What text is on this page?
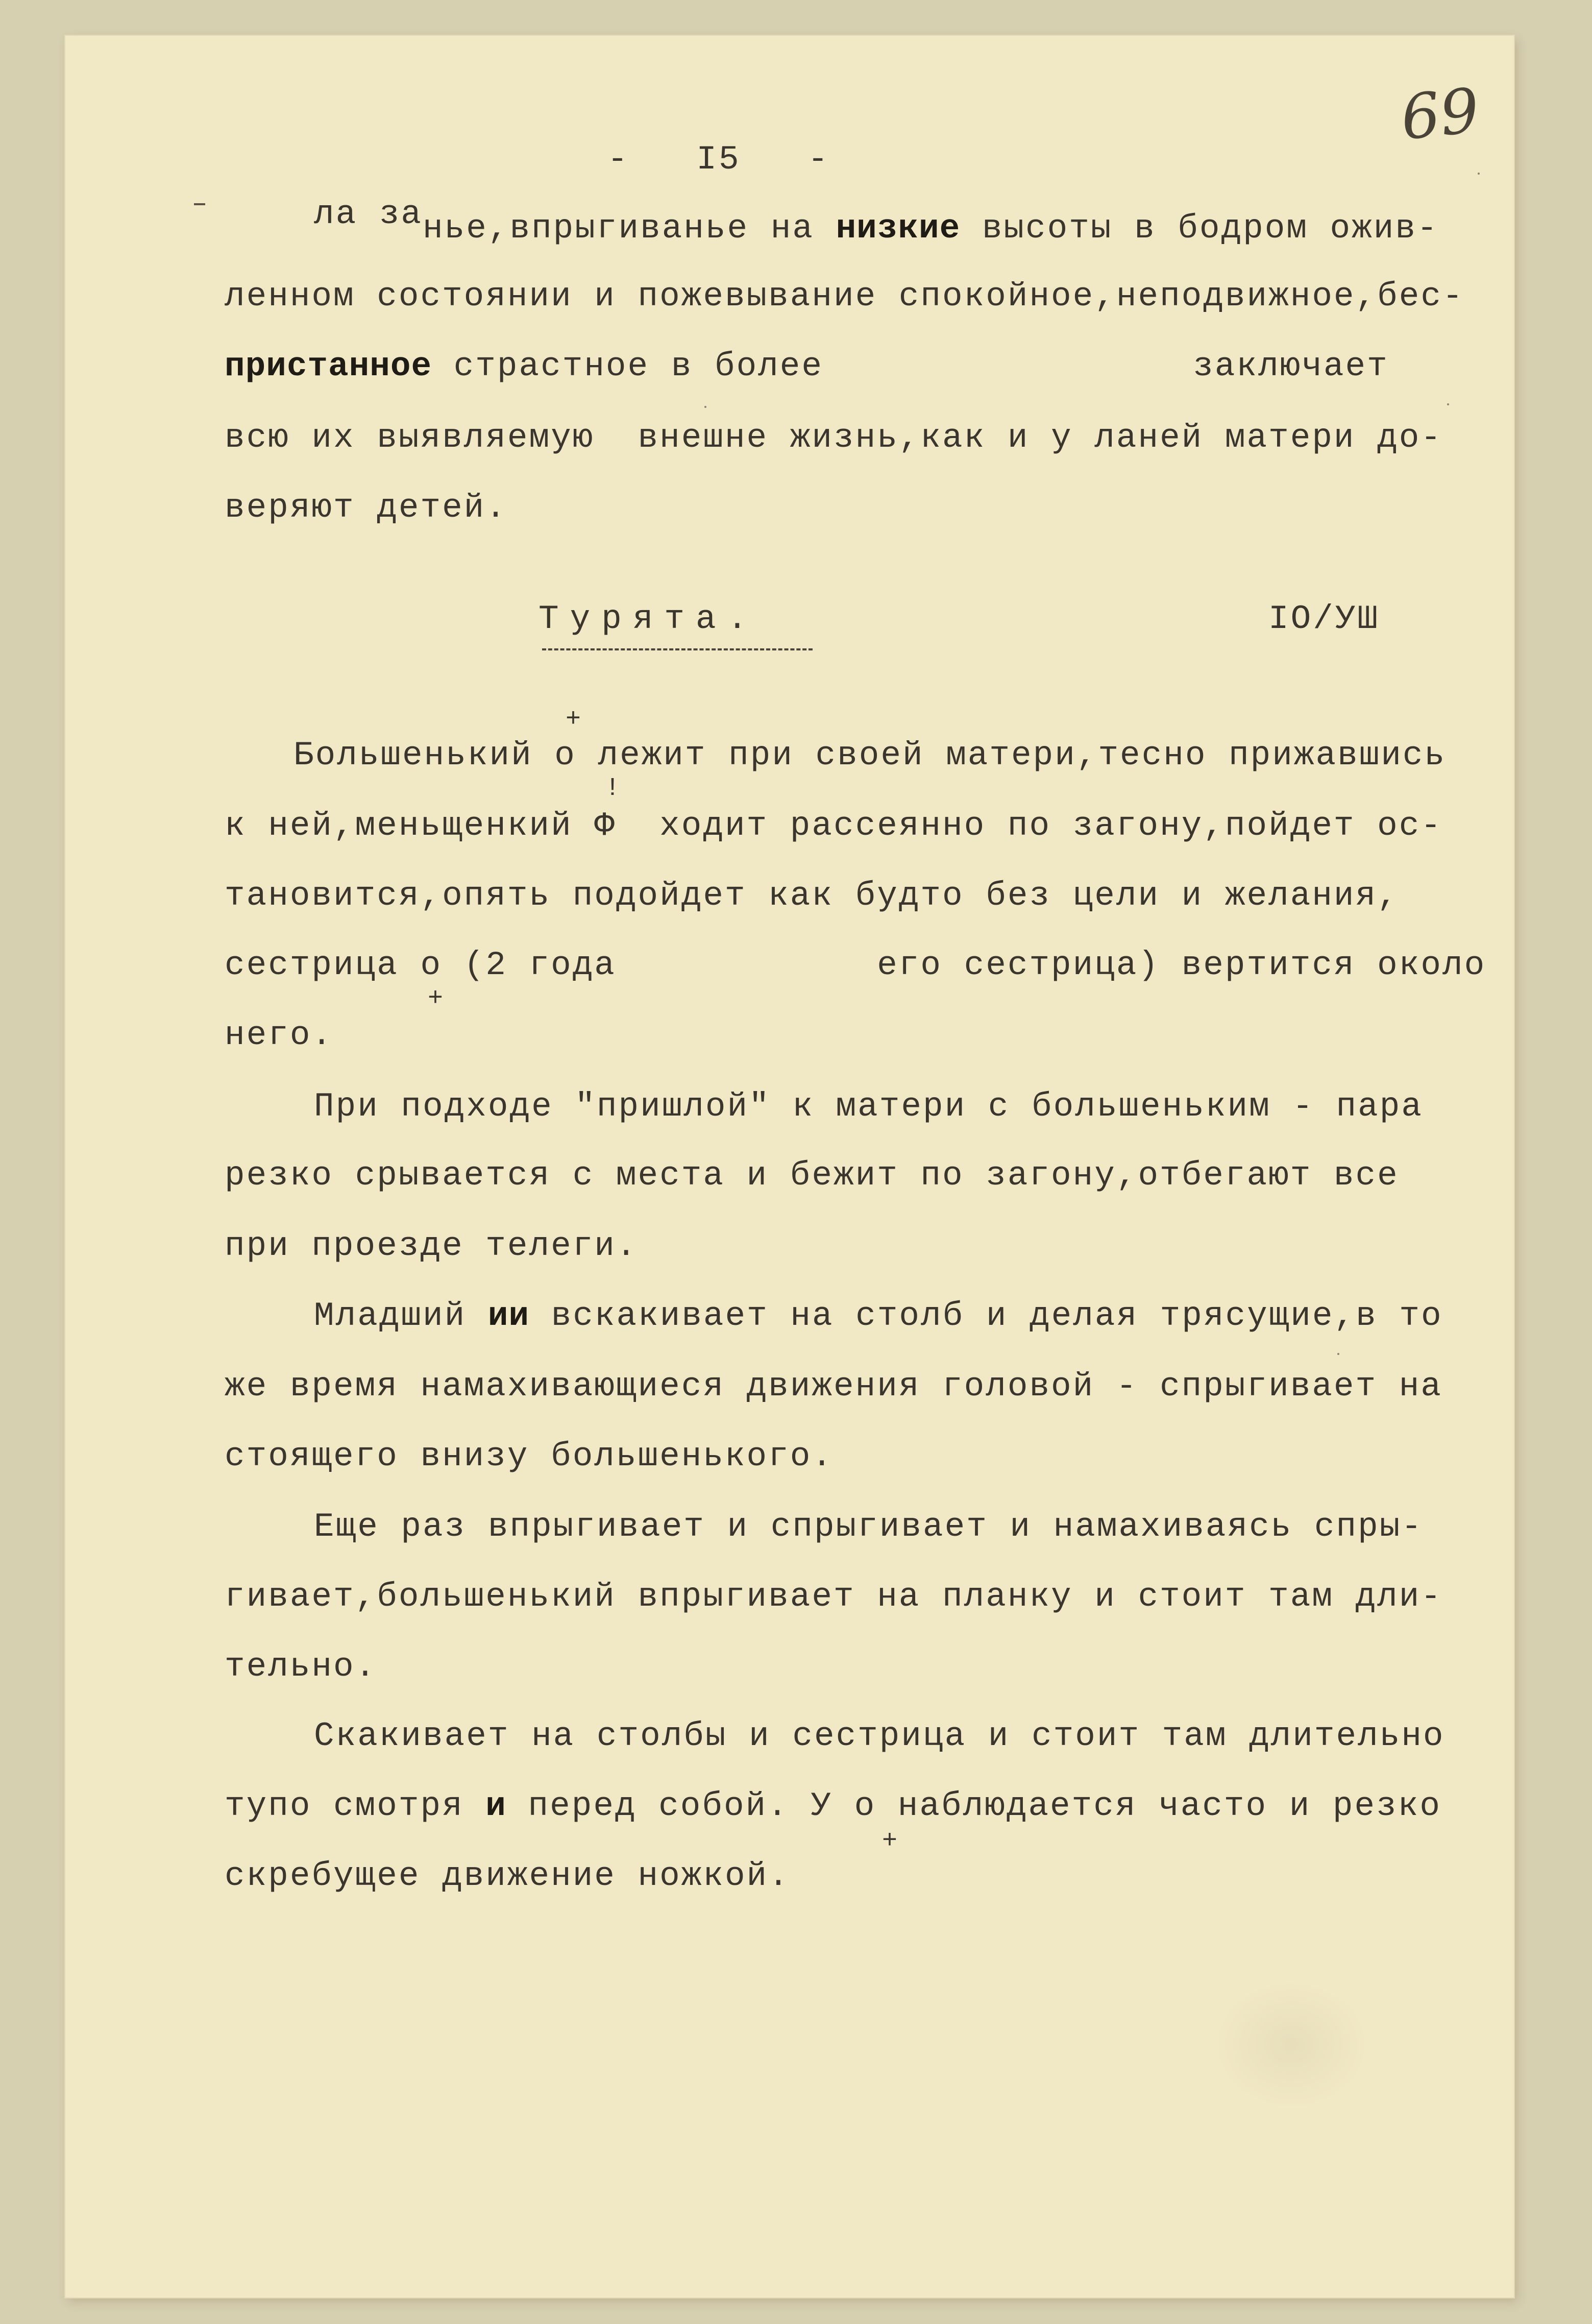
69
-   I5   -
ла занье,впрыгиванье на низкие высоты в бодром ожив-
ленном состоянии и пожевывание спокойное,неподвижное,бес-
пристанное страстное в более                 заключает
всю их выявляемую  внешне жизнь,как и у ланей матери до-
веряют детей.
Турята.	IO/УШ
+
Большенький о лежит при своей матери,тесно прижавшись
!
к ней,меньщенкий Ф  ходит рассеянно по загону,пойдет ос-
тановится,опять подойдет как будто без цели и желания,
сестрица о (2 года            его сестрица) вертится около
+
него.
При подходе "пришлой" к матери с большеньким - пара
резко срывается с места и бежит по загону,отбегают все
при проезде телеги.
Младший ии вскакивает на столб и делая трясущие,в то
же время намахивающиеся движения головой - спрыгивает на
стоящего внизу большенького.
Еще раз впрыгивает и спрыгивает и намахиваясь спры-
гивает,большенький впрыгивает на планку и стоит там дли-
тельно.
Скакивает на столбы и сестрица и стоит там длительно
тупо смотря и перед собой. У о наблюдается часто и резко
+
скребущее движение ножкой.
